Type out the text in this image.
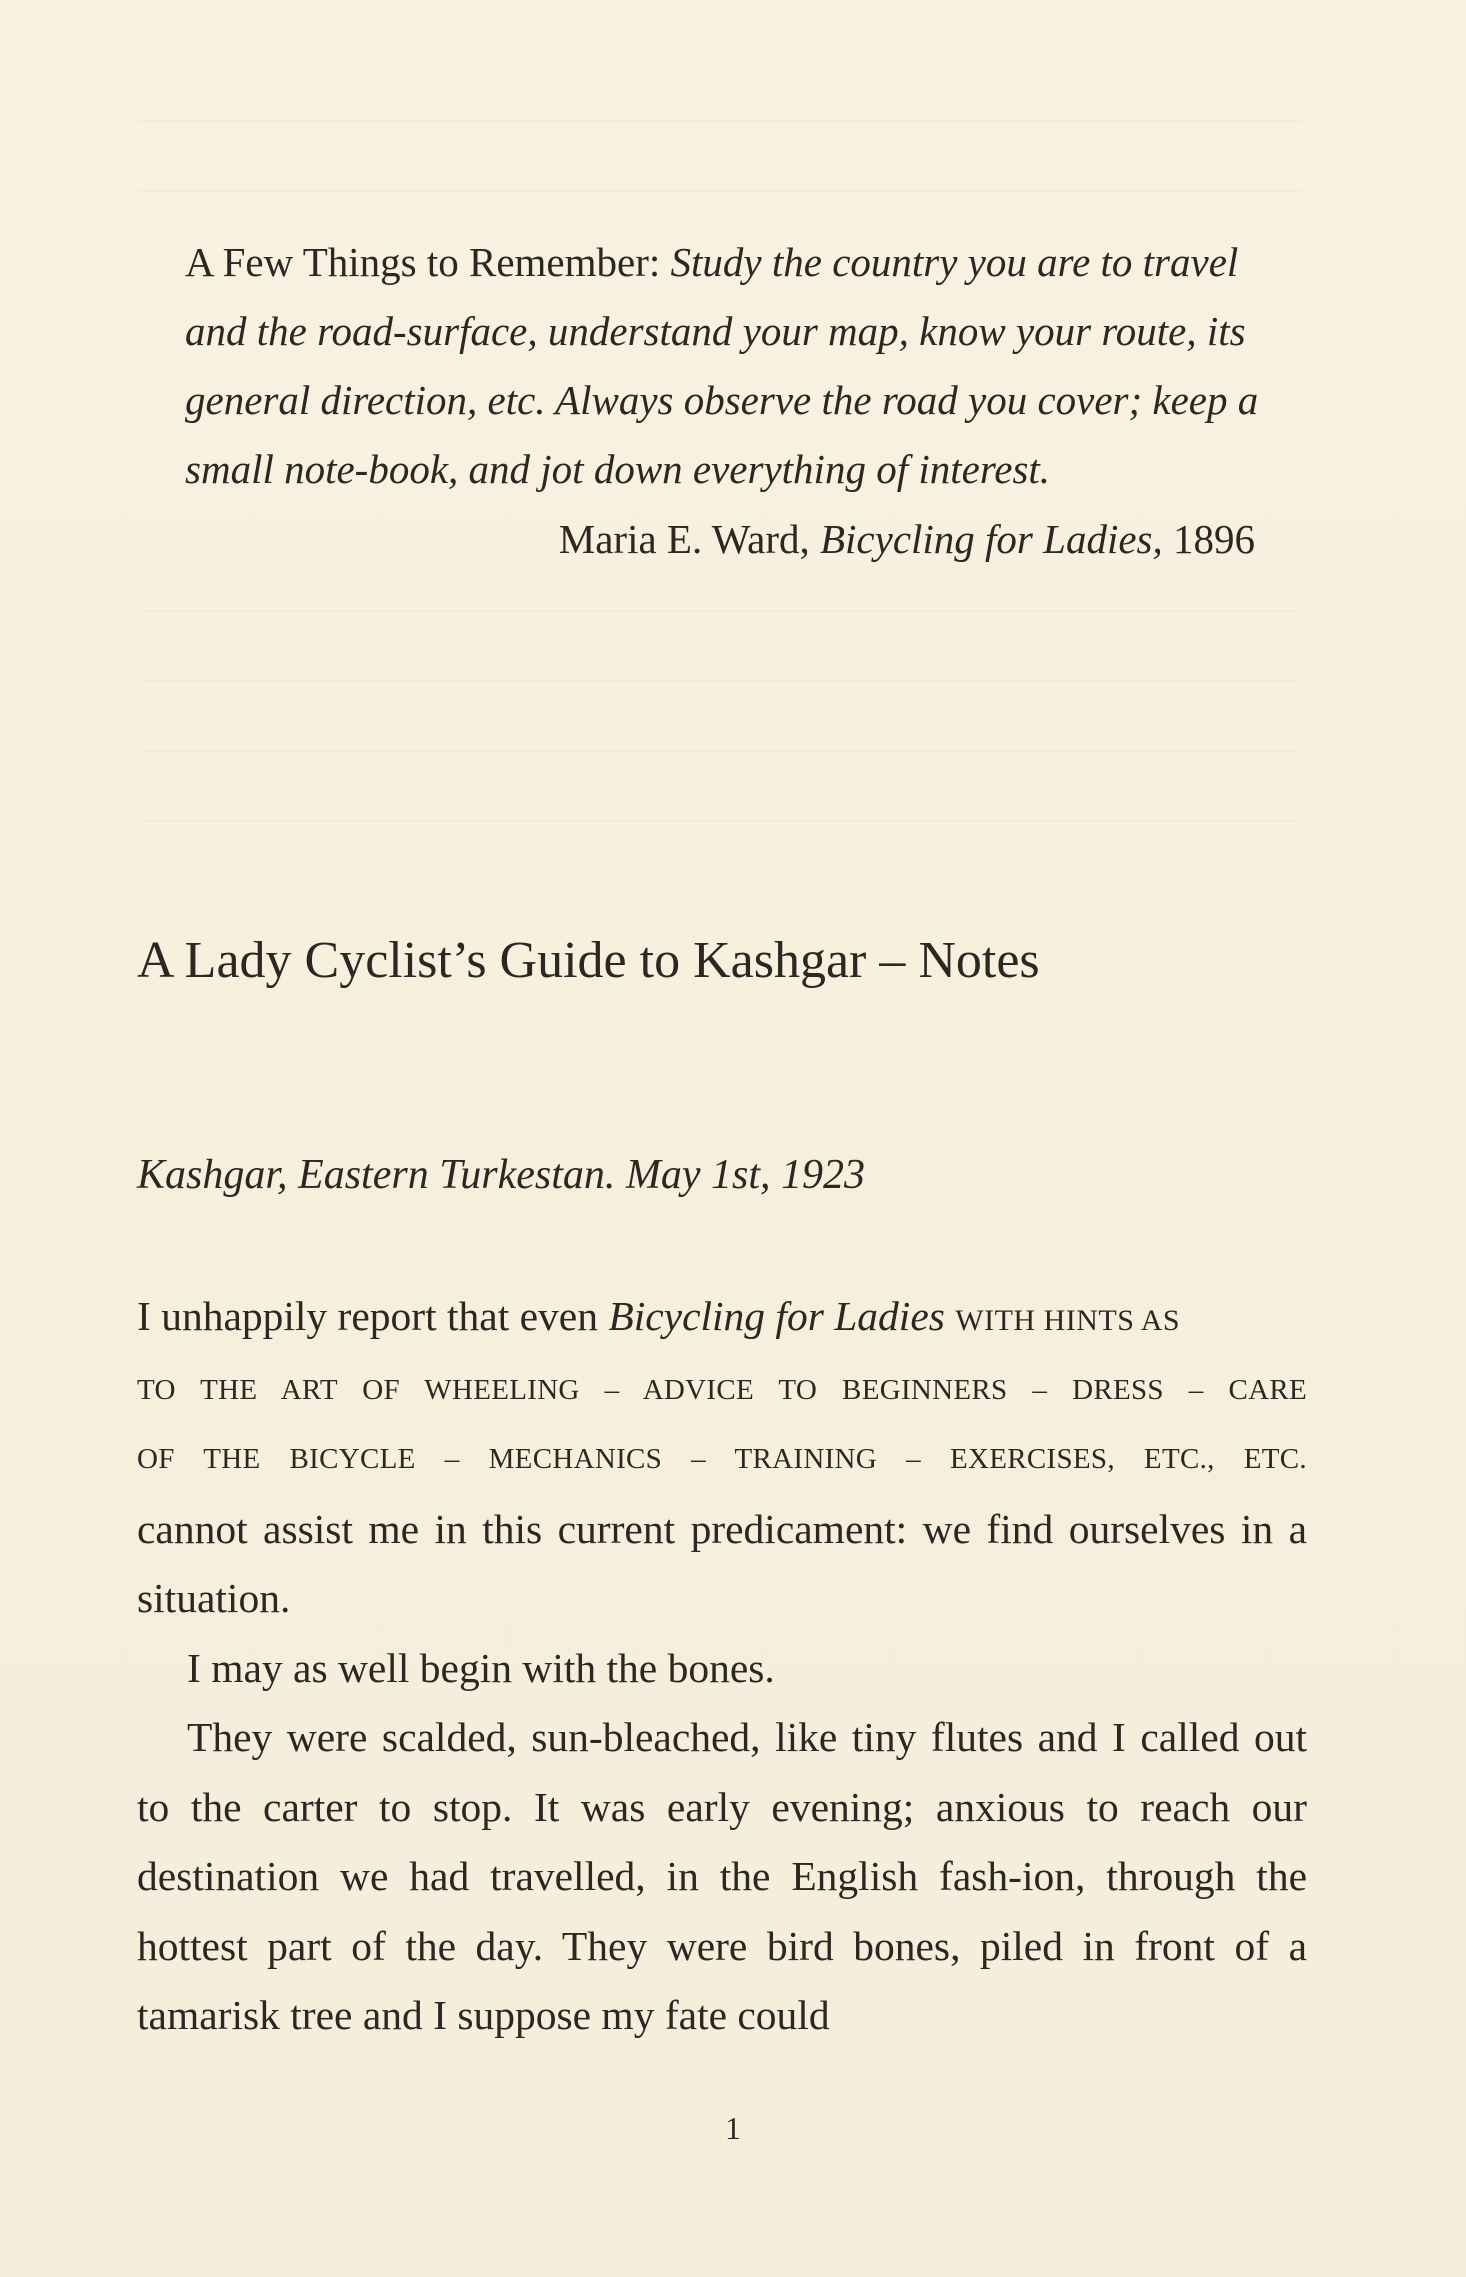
A Few Things to Remember: Study the country you are to travel and the road-surface, understand your map, know your route, its general direction, etc. Always observe the road you cover; keep a small note-book, and jot down everything of interest.

Maria E. Ward, Bicycling for Ladies, 1896
A Lady Cyclist’s Guide to Kashgar – Notes

Kashgar, Eastern Turkestan. May 1st, 1923

I unhappily report that even Bicycling for Ladies WITH HINTS AS
TO THE ART OF WHEELING – ADVICE TO BEGINNERS – DRESS – CARE
OF THE BICYCLE – MECHANICS – TRAINING – EXERCISES, ETC., ETC.
cannot assist me in this current predicament: we find ourselves in a situation.

I may as well begin with the bones.

They were scalded, sun-bleached, like tiny flutes and I called out to the carter to stop. It was early evening; anxious to reach our destination we had travelled, in the English fash-ion, through the hottest part of the day. They were bird bones, piled in front of a tamarisk tree and I suppose my fate could

1
